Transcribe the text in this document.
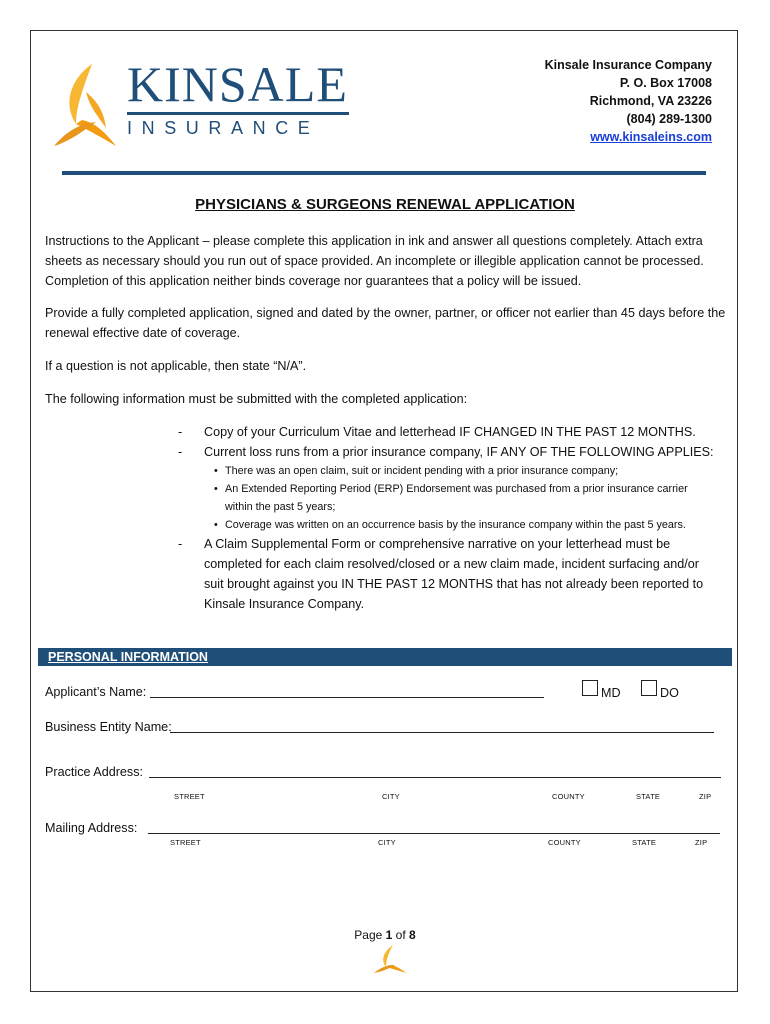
KINSALE
INSURANCE
Kinsale Insurance Company
P. O. Box 17008
Richmond, VA 23226
(804) 289-1300
www.kinsaleins.com
PHYSICIANS & SURGEONS RENEWAL APPLICATION
Instructions to the Applicant – please complete this application in ink and answer all questions completely. Attach extra sheets as necessary should you run out of space provided. An incomplete or illegible application cannot be processed. Completion of this application neither binds coverage nor guarantees that a policy will be issued.
Provide a fully completed application, signed and dated by the owner, partner, or officer not earlier than 45 days before the renewal effective date of coverage.
If a question is not applicable, then state “N/A”.
The following information must be submitted with the completed application:
- Copy of your Curriculum Vitae and letterhead IF CHANGED IN THE PAST 12 MONTHS.
- Current loss runs from a prior insurance company, IF ANY OF THE FOLLOWING APPLIES:
• There was an open claim, suit or incident pending with a prior insurance company;
• An Extended Reporting Period (ERP) Endorsement was purchased from a prior insurance carrier within the past 5 years;
• Coverage was written on an occurrence basis by the insurance company within the past 5 years.
- A Claim Supplemental Form or comprehensive narrative on your letterhead must be completed for each claim resolved/closed or a new claim made, incident surfacing and/or suit brought against you IN THE PAST 12 MONTHS that has not already been reported to Kinsale Insurance Company.
PERSONAL INFORMATION
Applicant’s Name:	MD	DO
Business Entity Name:
Practice Address:
STREET	CITY	COUNTY	STATE	ZIP
Mailing Address:
STREET	CITY	COUNTY	STATE	ZIP
Page 1 of 8
